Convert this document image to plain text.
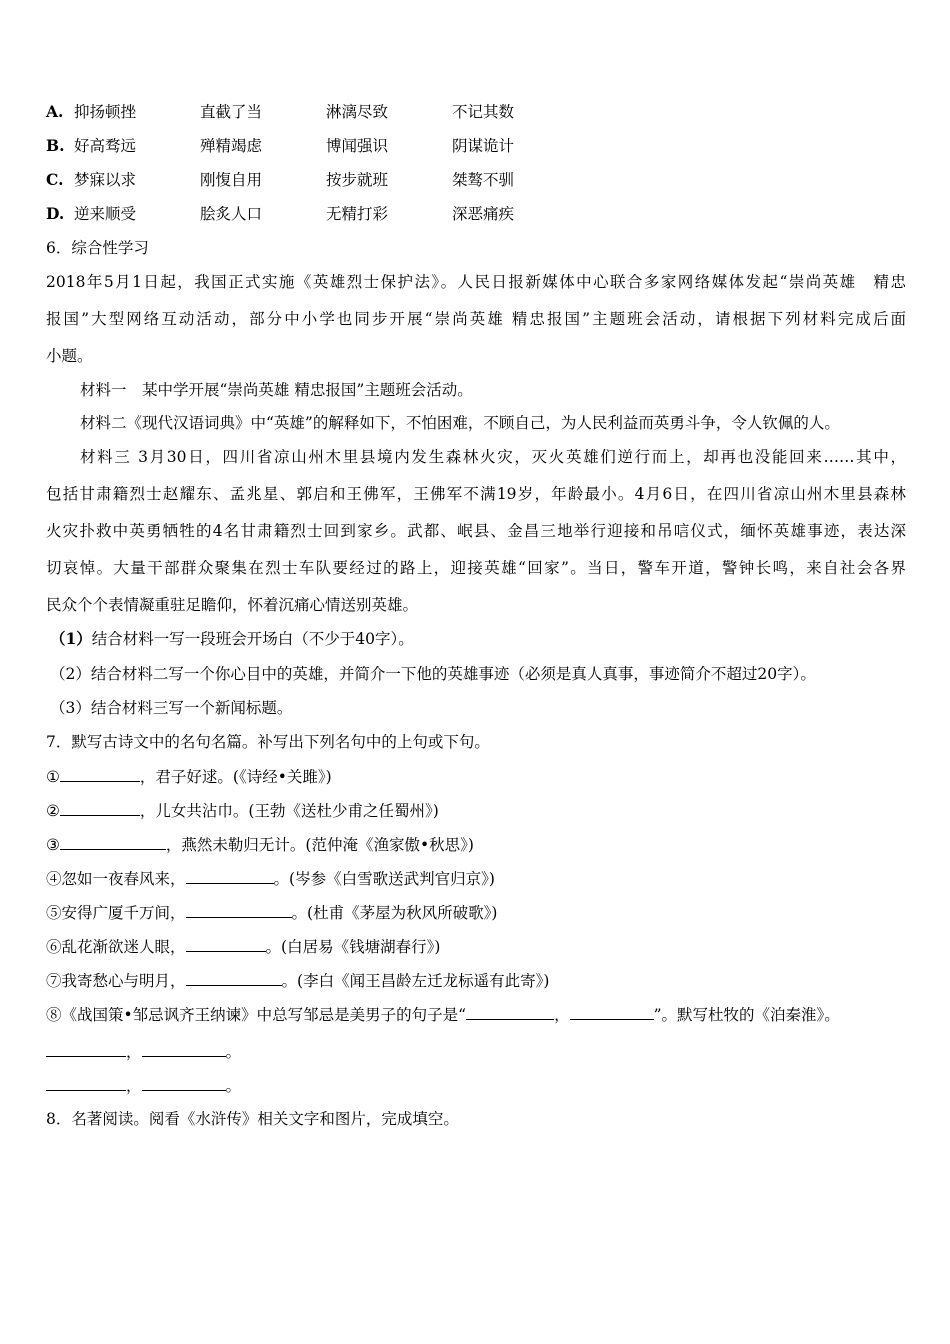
A. 抑扬顿挫	直截了当	淋漓尽致	不记其数
B. 好高骛远	殚精竭虑	博闻强识	阴谋诡计
C. 梦寐以求	刚愎自用	按步就班	桀骜不驯
D. 逆来顺受	脍炙人口	无精打彩	深恶痛疾
6．综合性学习
2018年5月1日起，我国正式实施《英雄烈士保护法》。人民日报新媒体中心联合多家网络媒体发起“崇尚英雄　精忠
报国”大型网络互动活动，部分中小学也同步开展“崇尚英雄 精忠报国”主题班会活动，请根据下列材料完成后面
小题。
材料一　某中学开展“崇尚英雄 精忠报国”主题班会活动。
材料二《现代汉语词典》中“英雄”的解释如下，不怕困难，不顾自己，为人民利益而英勇斗争，令人钦佩的人。
材料三 3月30日，四川省凉山州木里县境内发生森林火灾，灭火英雄们逆行而上，却再也没能回来……其中，
包括甘肃籍烈士赵耀东、孟兆星、郭启和王佛军，王佛军不满19岁，年龄最小。4月6日，在四川省凉山州木里县森林
火灾扑救中英勇牺牲的4名甘肃籍烈士回到家乡。武都、岷县、金昌三地举行迎接和吊唁仪式，缅怀英雄事迹，表达深
切哀悼。大量干部群众聚集在烈士车队要经过的路上，迎接英雄“回家”。当日，警车开道，警钟长鸣，来自社会各界
民众个个表情凝重驻足瞻仰，怀着沉痛心情送别英雄。
（1）结合材料一写一段班会开场白（不少于40字）。
（2）结合材料二写一个你心目中的英雄，并简介一下他的英雄事迹（必须是真人真事，事迹简介不超过20字）。
（3）结合材料三写一个新闻标题。
7．默写古诗文中的名句名篇。补写出下列名句中的上句或下句。
①	，君子好逑。(《诗经•关雎》)
②	，儿女共沾巾。(王勃《送杜少甫之任蜀州》)
③	，燕然未勒归无计。(范仲淹《渔家傲•秋思》)
④忽如一夜春风来，	。(岑参《白雪歌送武判官归京》)
⑤安得广厦千万间，	。(杜甫《茅屋为秋风所破歌》)
⑥乱花渐欲迷人眼，	。(白居易《钱塘湖春行》)
⑦我寄愁心与明月，	。(李白《闻王昌龄左迁龙标遥有此寄》)
⑧《战国策•邹忌讽齐王纳谏》中总写邹忌是美男子的句子是“	，	”。默写杜牧的《泊秦淮》。
，	。
，	。
8．名著阅读。阅看《水浒传》相关文字和图片，完成填空。
